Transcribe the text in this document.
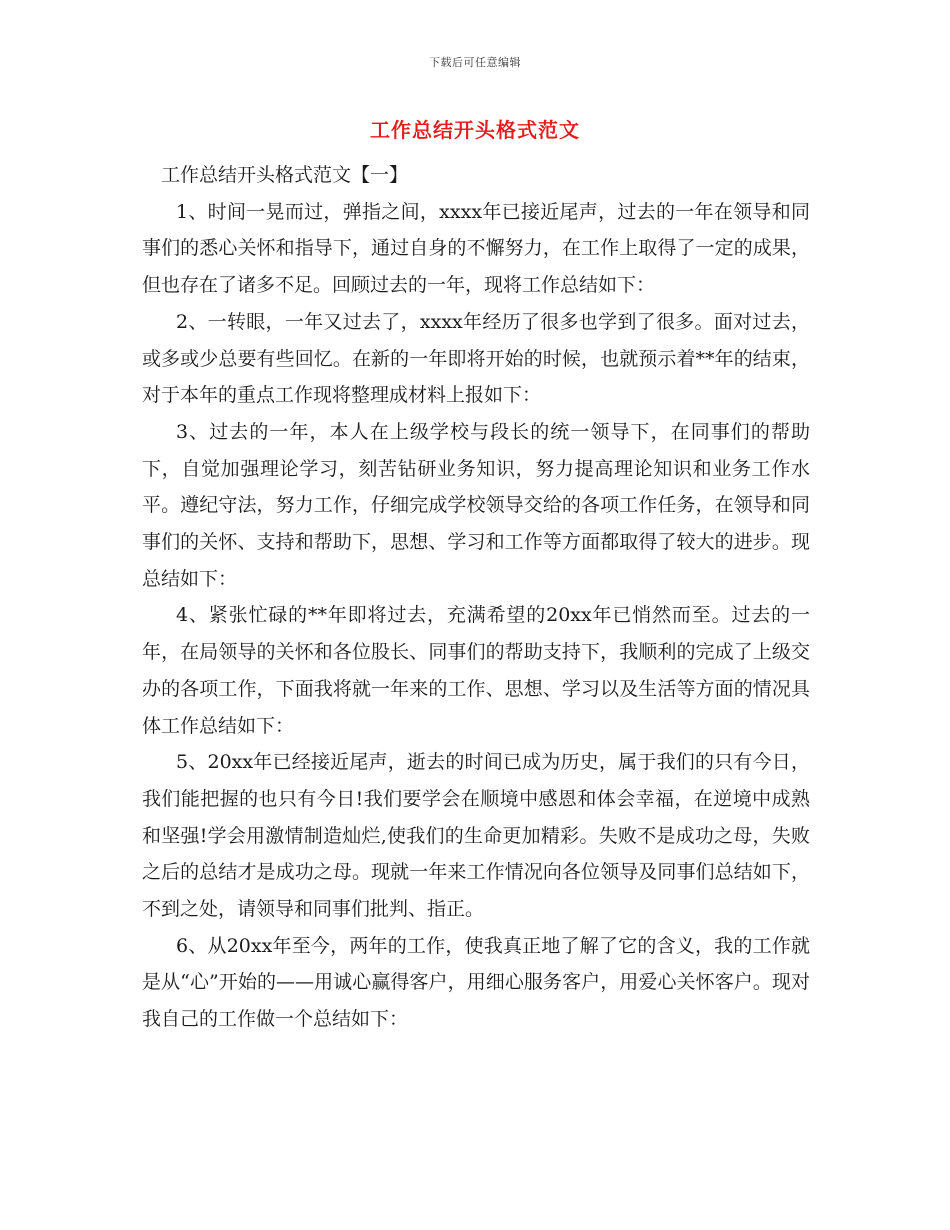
下载后可任意编辑
工作总结开头格式范文

工作总结开头格式范文【一】

1、时间一晃而过，弹指之间，xxxx年已接近尾声，过去的一年在领导和同事们的悉心关怀和指导下，通过自身的不懈努力，在工作上取得了一定的成果，但也存在了诸多不足。回顾过去的一年，现将工作总结如下：

2、一转眼，一年又过去了，xxxx年经历了很多也学到了很多。面对过去，或多或少总要有些回忆。在新的一年即将开始的时候，也就预示着**年的结束，对于本年的重点工作现将整理成材料上报如下：

3、过去的一年，本人在上级学校与段长的统一领导下，在同事们的帮助下，自觉加强理论学习，刻苦钻研业务知识，努力提高理论知识和业务工作水平。遵纪守法，努力工作，仔细完成学校领导交给的各项工作任务，在领导和同事们的关怀、支持和帮助下，思想、学习和工作等方面都取得了较大的进步。现总结如下：

4、紧张忙碌的**年即将过去，充满希望的20xx年已悄然而至。过去的一年，在局领导的关怀和各位股长、同事们的帮助支持下，我顺利的完成了上级交办的各项工作，下面我将就一年来的工作、思想、学习以及生活等方面的情况具体工作总结如下：

5、20xx年已经接近尾声，逝去的时间已成为历史，属于我们的只有今日，我们能把握的也只有今日!我们要学会在顺境中感恩和体会幸福，在逆境中成熟和坚强!学会用激情制造灿烂,使我们的生命更加精彩。失败不是成功之母，失败之后的总结才是成功之母。现就一年来工作情况向各位领导及同事们总结如下，不到之处，请领导和同事们批判、指正。

6、从20xx年至今，两年的工作，使我真正地了解了它的含义，我的工作就是从“心”开始的——用诚心赢得客户，用细心服务客户，用爱心关怀客户。现对我自己的工作做一个总结如下：
